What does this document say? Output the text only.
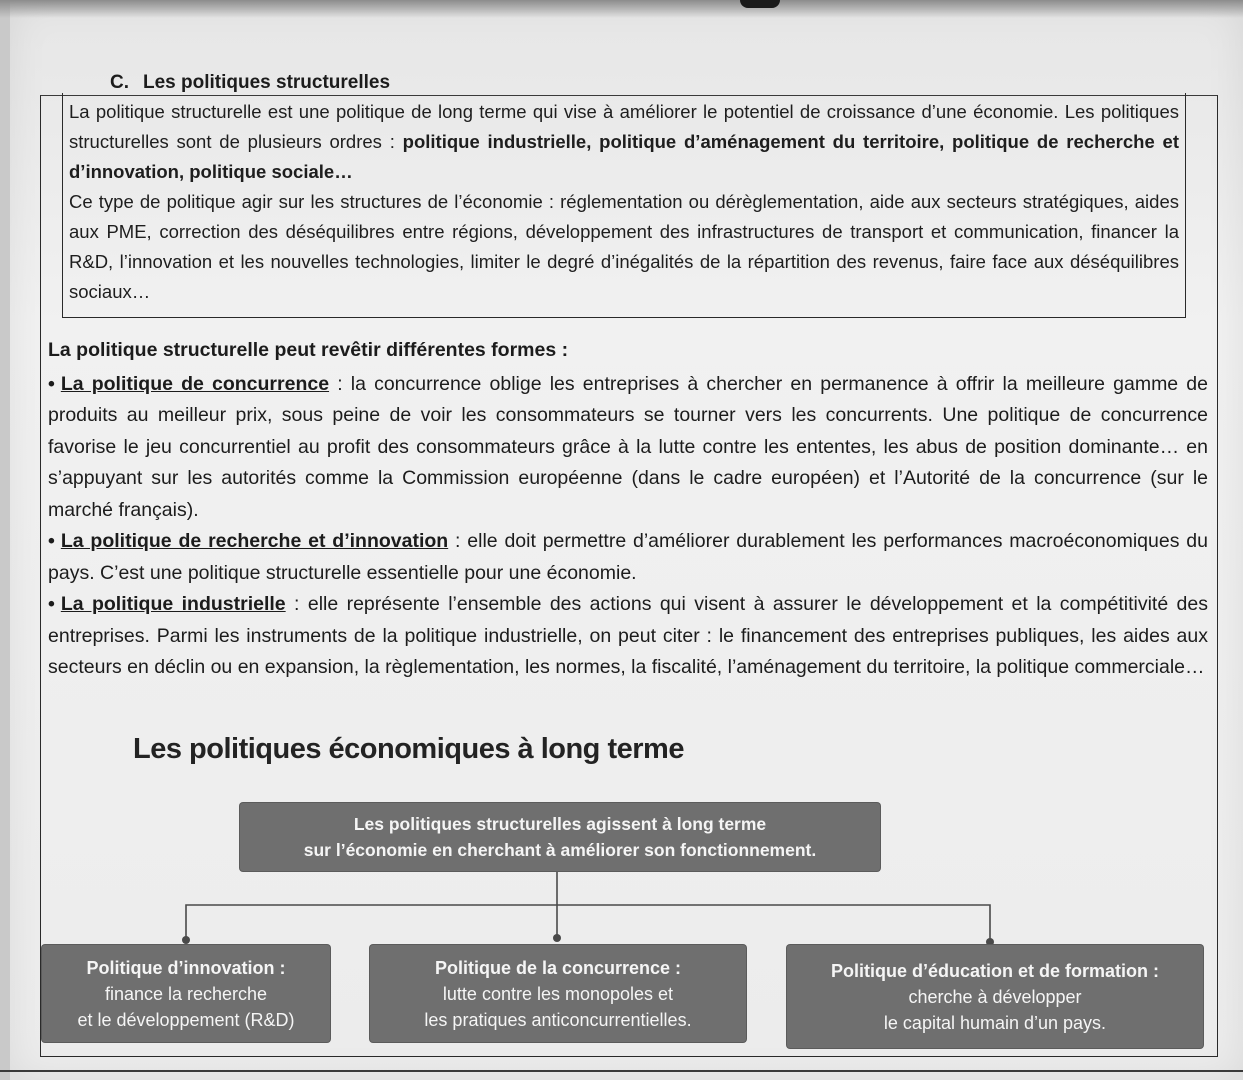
C. Les politiques structurelles

La politique structurelle est une politique de long terme qui vise à améliorer le potentiel de croissance d’une économie. Les politiques structurelles sont de plusieurs ordres : politique industrielle, politique d’aménagement du territoire, politique de recherche et d’innovation, politique sociale…

Ce type de politique agir sur les structures de l’économie : réglementation ou dérèglementation, aide aux secteurs stratégiques, aides aux PME, correction des déséquilibres entre régions, développement des infrastructures de transport et communication, financer la R&D, l’innovation et les nouvelles technologies, limiter le degré d’inégalités de la répartition des revenus, faire face aux déséquilibres sociaux…

La politique structurelle peut revêtir différentes formes :

• La politique de concurrence : la concurrence oblige les entreprises à chercher en permanence à offrir la meilleure gamme de produits au meilleur prix, sous peine de voir les consommateurs se tourner vers les concurrents. Une politique de concurrence favorise le jeu concurrentiel au profit des consommateurs grâce à la lutte contre les ententes, les abus de position dominante… en s’appuyant sur les autorités comme la Commission européenne (dans le cadre européen) et l’Autorité de la concurrence (sur le marché français).

• La politique de recherche et d’innovation : elle doit permettre d’améliorer durablement les performances macroéconomiques du pays. C’est une politique structurelle essentielle pour une économie.

• La politique industrielle : elle représente l’ensemble des actions qui visent à assurer le développement et la compétitivité des entreprises. Parmi les instruments de la politique industrielle, on peut citer : le financement des entreprises publiques, les aides aux secteurs en déclin ou en expansion, la règlementation, les normes, la fiscalité, l’aménagement du territoire, la politique commerciale…

Les politiques économiques à long terme
Les politiques structurelles agissent à long terme
sur l’économie en cherchant à améliorer son fonctionnement.
Politique d’innovation :
finance la recherche
et le développement (R&D)
Politique de la concurrence :
lutte contre les monopoles et
les pratiques anticoncurrentielles.
Politique d’éducation et de formation :
cherche à développer
le capital humain d’un pays.
